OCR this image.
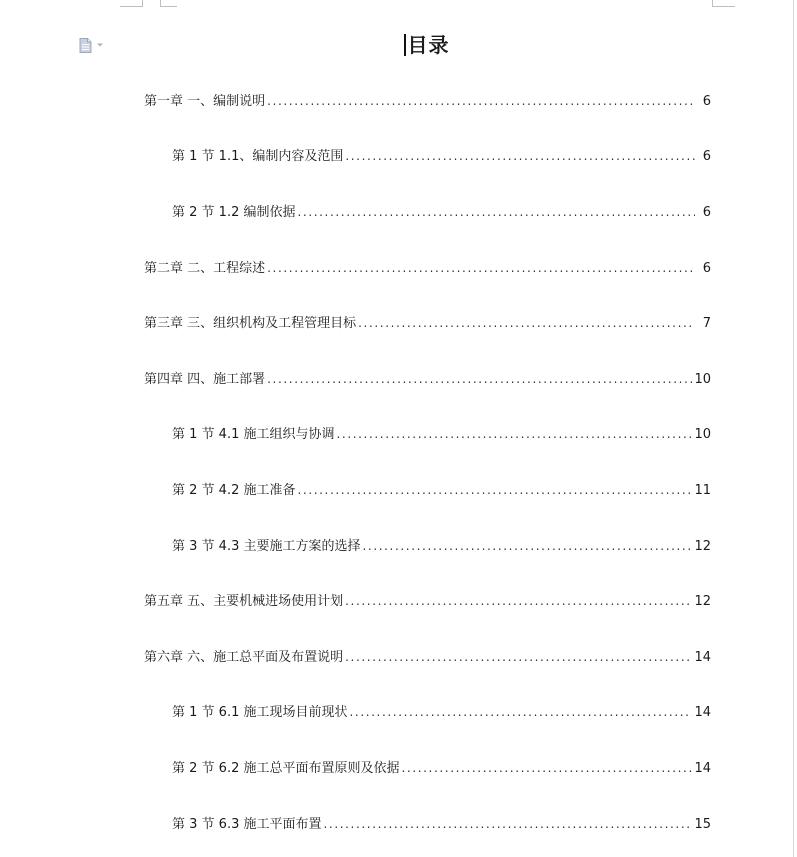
目录
第一章 一、编制说明 .....	6
第 1 节 1.1、编制内容及范围 .....	6
第 2 节 1.2 编制依据 .....	6
第二章 二、工程综述 .....	6
第三章 三、组织机构及工程管理目标 .....	7
第四章 四、施工部署 .....	10
第 1 节 4.1 施工组织与协调 .....	10
第 2 节 4.2 施工准备 .....	11
第 3 节 4.3 主要施工方案的选择 .....	12
第五章 五、主要机械进场使用计划 .....	12
第六章 六、施工总平面及布置说明 .....	14
第 1 节 6.1 施工现场目前现状 .....	14
第 2 节 6.2 施工总平面布置原则及依据 .....	14
第 3 节 6.3 施工平面布置 .....	15
